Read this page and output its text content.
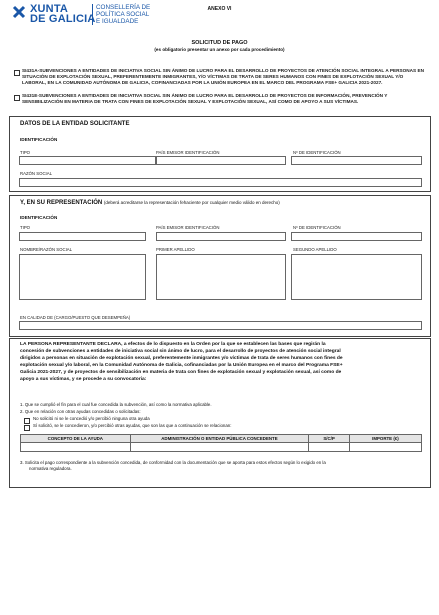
XUNTA
DE GALICIA
CONSELLERÍA DE
POLÍTICA SOCIAL
E IGUALDADE
ANEXO VI
SOLICITUD DE PAGO
(es obligatorio presentar un anexo por cada procedimiento)
SI431A-SUBVENCIONES A ENTIDADES DE INICIATIVA SOCIAL SIN ÁNIMO DE LUCRO PARA EL DESARROLLO DE PROYECTOS DE ATENCIÓN SOCIAL INTEGRAL A PERSONAS EN SITUACIÓN DE EXPLOTACIÓN SEXUAL, PREFERENTEMENTE INMIGRANTES, Y/O VÍCTIMAS DE TRATA DE SERES HUMANOS CON FINES DE EXPLOTACIÓN SEXUAL Y/O LABORAL, EN LA COMUNIDAD AUTÓNOMA DE GALICIA, COFINANCIADAS POR LA UNIÓN EUROPEA EN EL MARCO DEL PROGRAMA FSE+ GALICIA 2021-2027.
SI431E-SUBVENCIONES A ENTIDADES DE INICIATIVA SOCIAL SIN ÁNIMO DE LUCRO PARA EL DESARROLLO DE PROYECTOS DE INFORMACIÓN, PREVENCIÓN Y SENSIBILIZACIÓN EN MATERIA DE TRATA CON FINES DE EXPLOTACIÓN SEXUAL Y EXPLOTACIÓN SEXUAL, ASÍ COMO DE APOYO A SUS VÍCTIMAS.
DATOS DE LA ENTIDAD SOLICITANTE
IDENTIFICACIÓN
TIPO	PAÍS EMISOR IDENTIFICACIÓN	Nº DE IDENTIFICACIÓN
RAZÓN SOCIAL
Y, EN SU REPRESENTACIÓN (deberá acreditarse la representación fehaciente por cualquier medio válido en derecho)
IDENTIFICACIÓN
TIPO	PAÍS EMISOR IDENTIFICACIÓN	Nº DE IDENTIFICACIÓN
NOMBRE/RAZÓN SOCIAL	PRIMER APELLIDO	SEGUNDO APELLIDO
EN CALIDAD DE (CARGO/PUESTO QUE DESEMPEÑA)
LA PERSONA REPRESENTANTE DECLARA, a efectos de lo dispuesto en la Orden por la que se establecen las bases que regirán la
concesión de subvenciones a entidades de iniciativa social sin ánimo de lucro, para el desarrollo de proyectos de atención social integral
dirigidos a personas en situación de explotación sexual, preferentemente inmigrantes y/o víctimas de trata de seres humanos con fines de
explotación sexual y/o laboral, en la Comunidad Autónoma de Galicia, cofinanciadas por la Unión Europea en el marco del Programa FSE+
Galicia 2021-2027, y de proyectos de sensibilización en materia de trata con fines de explotación sexual y explotación sexual, así como de
apoyo a sus víctimas, y se procede a su convocatoria:
1. Que se cumplió el fin para el cual fue concedida la subvención, así como la normativa aplicable.
2. Que en relación con otras ayudas concedidas o solicitadas:
No solicitó ni se le concedió y/o percibió ninguna otra ayuda
Sí solicitó, se le concedieron, y/o percibió otras ayudas, que son las que a continuación se relacionan:
CONCEPTO DE LA AYUDA	ADMINISTRACIÓN O ENTIDAD PÚBLICA CONCEDENTE	S/C/P	IMPORTE (€)

3. Solicita el pago correspondiente a la subvención concedida, de conformidad con la documentación que se aporta para estos efectos según lo exigido en la
normativa reguladora.
